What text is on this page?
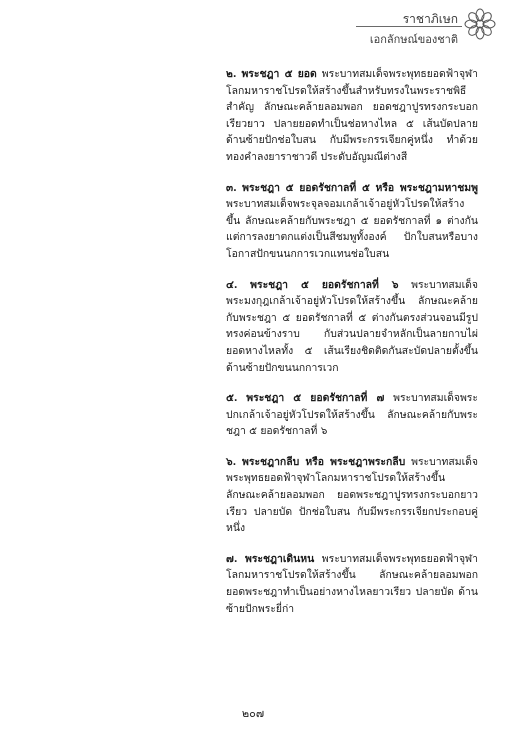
ราชาภิเษก
เอกลักษณ์ของชาติ

๒. พระชฎา ๕ ยอด พระบาทสมเด็จพระพุทธยอดฟ้าจุฬาโลกมหาราชโปรดให้สร้างขึ้นสำหรับทรงในพระราชพิธีสำคัญ ลักษณะคล้ายลอมพอก ยอดชฎาปูรทรงกระบอกเรียวยาว ปลายยอดทำเป็นช่อหางไหล ๕ เส้นบัดปลายด้านซ้ายปักช่อใบสน กับมีพระกรรเจียกคู่หนึ่ง ทำด้วยทองคำลงยาราชาวดี ประดับอัญมณีต่างสี

๓. พระชฎา ๕ ยอดรัชกาลที่ ๕ หรือ พระชฎามหาชมพู พระบาทสมเด็จพระจุลจอมเกล้าเจ้าอยู่หัวโปรดให้สร้างขึ้น ลักษณะคล้ายกับพระชฎา ๕ ยอดรัชกาลที่ ๑ ต่างกันแต่การลงยาตกแต่งเป็นสีชมพูทั้งองค์ ปักใบสนหรือบางโอกาสปักขนนกการเวกแทนช่อใบสน

๔. พระชฎา ๕ ยอดรัชกาลที่ ๖ พระบาทสมเด็จพระมงกุฎเกล้าเจ้าอยู่หัวโปรดให้สร้างขึ้น ลักษณะคล้ายกับพระชฎา ๕ ยอดรัชกาลที่ ๕ ต่างกันตรงส่วนจอนมีรูปทรงค่อนข้างราบ กับส่วนปลายจำหลักเป็นลายกาบไผ่ ยอดหางไหลทั้ง ๕ เส้นเรียงชิดติดกันสะบัดปลายตั้งขึ้น ด้านซ้ายปักขนนกการเวก

๕. พระชฎา ๕ ยอดรัชกาลที่ ๗ พระบาทสมเด็จพระปกเกล้าเจ้าอยู่หัวโปรดให้สร้างขึ้น ลักษณะคล้ายกับพระชฎา ๕ ยอดรัชกาลที่ ๖

๖. พระชฎากลีบ หรือ พระชฎาพระกลีบ พระบาทสมเด็จพระพุทธยอดฟ้าจุฬาโลกมหาราชโปรดให้สร้างขึ้น ลักษณะคล้ายลอมพอก ยอดพระชฎาปูรทรงกระบอกยาวเรียว ปลายบัด ปักช่อใบสน กับมีพระกรรเจียกประกอบคู่หนึ่ง

๗. พระชฎาเดินหน พระบาทสมเด็จพระพุทธยอดฟ้าจุฬาโลกมหาราชโปรดให้สร้างขึ้น ลักษณะคล้ายลอมพอก ยอดพระชฎาทำเป็นอย่างหางไหลยาวเรียว ปลายบัด ด้านซ้ายปักพระยี่ก่า

๒๐๗
